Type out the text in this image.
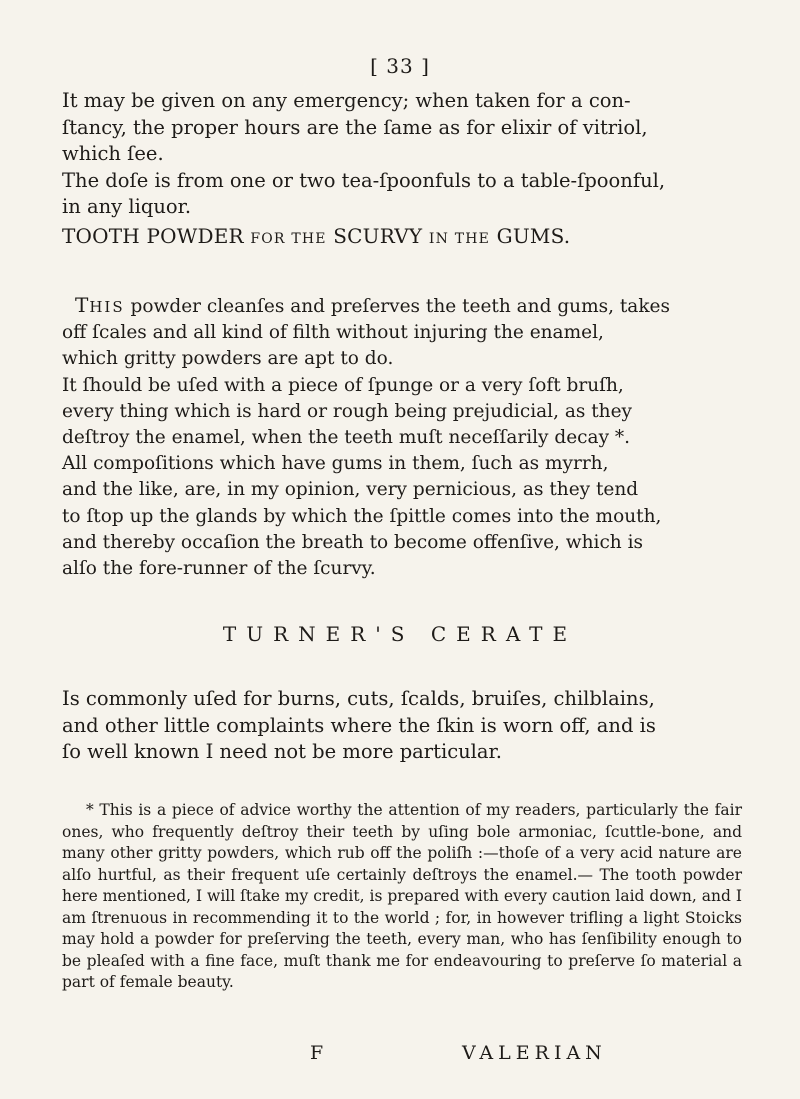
[ 33 ]

It may be given on any emergency; when taken for a con-

ſtancy, the proper hours are the ſame as for elixir of vitriol,

which ſee.

The doſe is from one or two tea-ſpoonfuls to a table-ſpoonful,

in any liquor.

TOOTH POWDER FOR THE SCURVY IN THE GUMS.

THIS powder cleanſes and preſerves the teeth and gums, takes

off ſcales and all kind of filth without injuring the enamel,

which gritty powders are apt to do.

It ſhould be uſed with a piece of ſpunge or a very ſoft bruſh,

every thing which is hard or rough being prejudicial, as they

deſtroy the enamel, when the teeth muſt neceſſarily decay *.

All compoſitions which have gums in them, ſuch as myrrh,

and the like, are, in my opinion, very pernicious, as they tend

to ſtop up the glands by which the ſpittle comes into the mouth,

and thereby occaſion the breath to become offenſive, which is

alſo the fore-runner of the ſcurvy.

TURNER'S CERATE

Is commonly uſed for burns, cuts, ſcalds, bruiſes, chilblains,

and other little complaints where the ſkin is worn off, and is

ſo well known I need not be more particular.

* This is a piece of advice worthy the attention of my readers, particularly the fair ones, who frequently deſtroy their teeth by uſing bole armoniac, ſcuttle-bone, and many other gritty powders, which rub off the poliſh :—thoſe of a very acid nature are alſo hurtful, as their frequent uſe certainly deſtroys the enamel.— The tooth powder here mentioned, I will ſtake my credit, is prepared with every caution laid down, and I am ſtrenuous in recommending it to the world ; for, in however trifling a light Stoicks may hold a powder for preſerving the teeth, every man, who has ſenſibility enough to be pleaſed with a fine face, muſt thank me for endeavouring to preſerve ſo material a part of female beauty.
F	VALERIAN
